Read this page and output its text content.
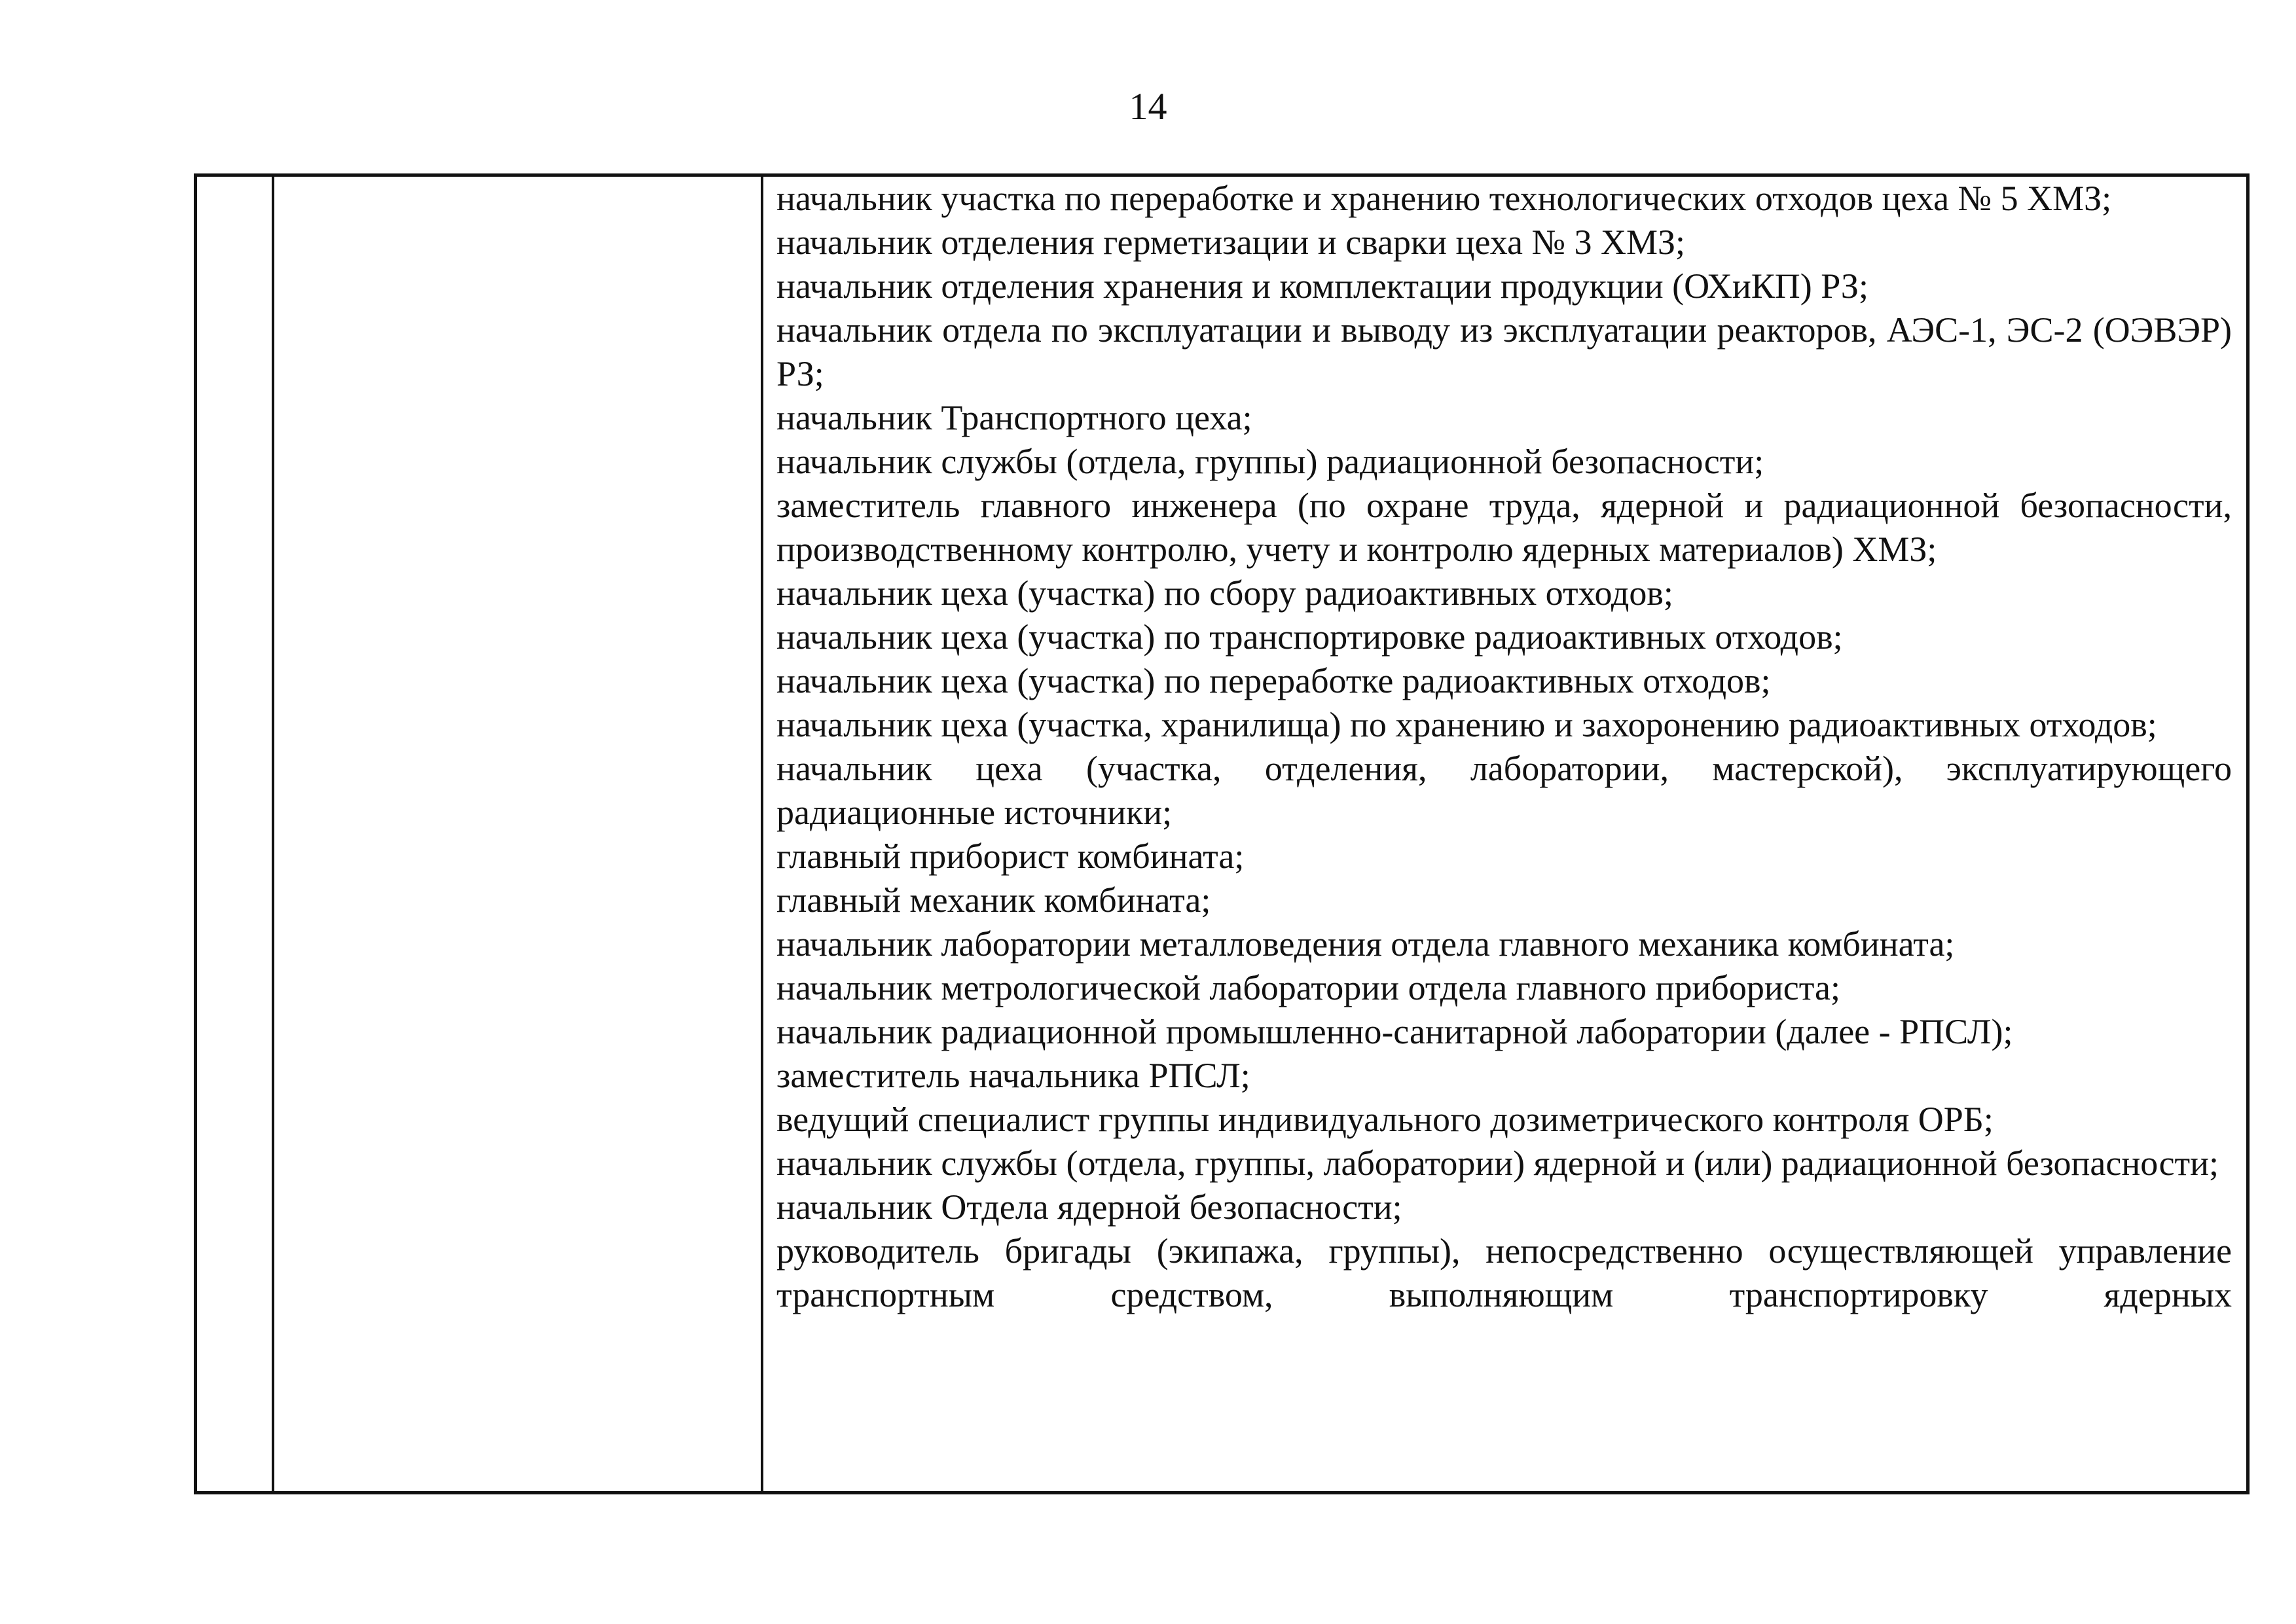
14

начальник участка по переработке и хранению технологических отходов цеха № 5 ХМЗ;

начальник отделения герметизации и сварки цеха № 3 ХМЗ;

начальник отделения хранения и комплектации продукции (ОХиКП) РЗ;

начальник отдела по эксплуатации и выводу из эксплуатации реакторов, АЭС-1, ЭС-2 (ОЭВЭР) РЗ;

начальник Транспортного цеха;

начальник службы (отдела, группы) радиационной безопасности;

заместитель главного инженера (по охране труда, ядерной и радиационной безопасности, производственному контролю, учету и контролю ядерных материалов) ХМЗ;

начальник цеха (участка) по сбору радиоактивных отходов;

начальник цеха (участка) по транспортировке радиоактивных отходов;

начальник цеха (участка) по переработке радиоактивных отходов;

начальник цеха (участка, хранилища) по хранению и захоронению радиоактивных отходов;

начальник цеха (участка, отделения, лаборатории, мастерской), эксплуатирующего радиационные источники;

главный приборист комбината;

главный механик комбината;

начальник лаборатории металловедения отдела главного механика комбината;

начальник метрологической лаборатории отдела главного прибориста;

начальник радиационной промышленно-санитарной лаборатории (далее - РПСЛ);

заместитель начальника РПСЛ;

ведущий специалист группы индивидуального дозиметрического контроля ОРБ;

начальник службы (отдела, группы, лаборатории) ядерной и (или) радиационной безопасности;

начальник Отдела ядерной безопасности;

руководитель бригады (экипажа, группы), непосредственно осуществляющей управление транспортным средством, выполняющим транспортировку ядерных
